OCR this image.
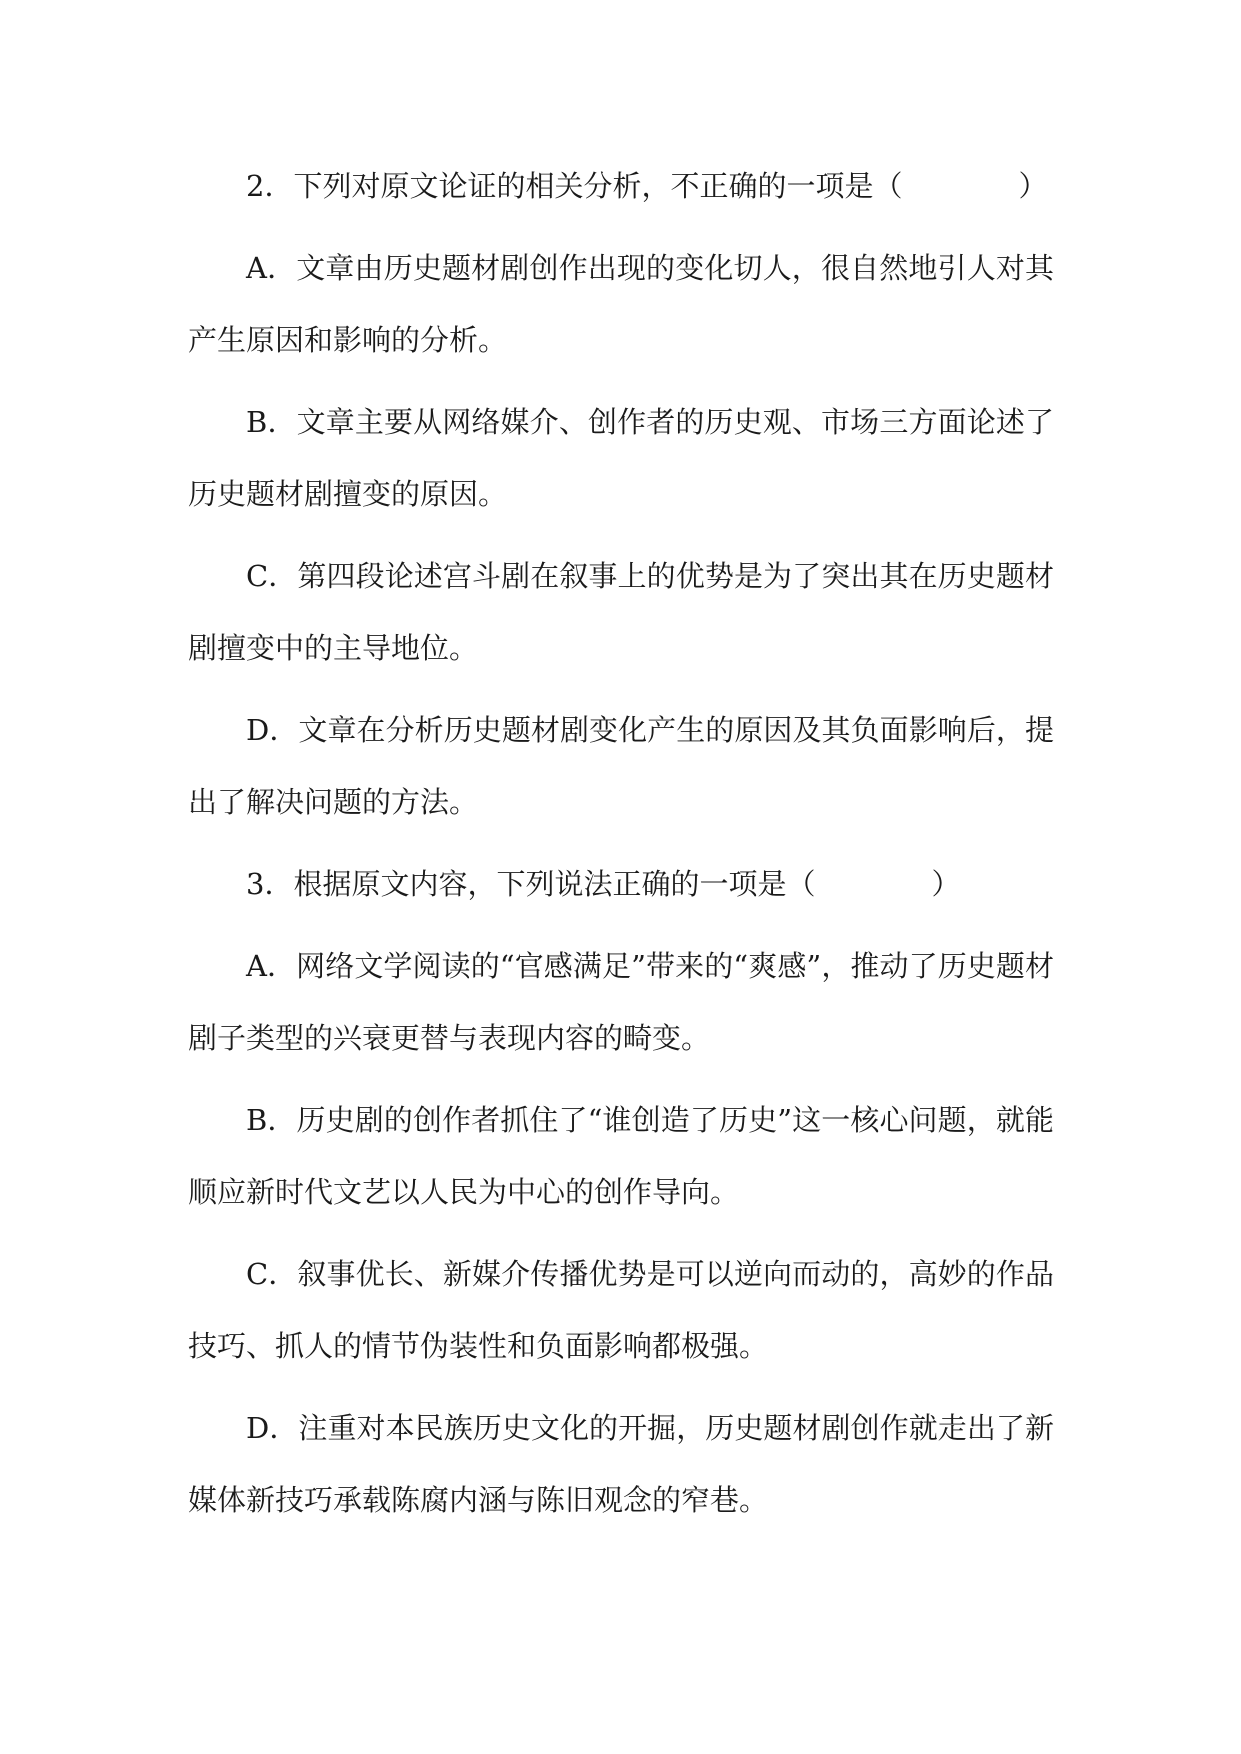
2．下列对原文论证的相关分析，不正确的一项是（　　　　）

A．文章由历史题材剧创作出现的变化切人，很自然地引人对其产生原因和影响的分析。

B．文章主要从网络媒介、创作者的历史观、市场三方面论述了历史题材剧擅变的原因。

C．第四段论述宫斗剧在叙事上的优势是为了突出其在历史题材剧擅变中的主导地位。

D．文章在分析历史题材剧变化产生的原因及其负面影响后，提出了解决问题的方法。

3．根据原文内容，下列说法正确的一项是（　　　　）

A．网络文学阅读的“官感满足”带来的“爽感”，推动了历史题材剧子类型的兴衰更替与表现内容的畸变。

B．历史剧的创作者抓住了“谁创造了历史”这一核心问题，就能顺应新时代文艺以人民为中心的创作导向。

C．叙事优长、新媒介传播优势是可以逆向而动的，高妙的作品技巧、抓人的情节伪装性和负面影响都极强。

D．注重对本民族历史文化的开掘，历史题材剧创作就走出了新媒体新技巧承载陈腐内涵与陈旧观念的窄巷。
